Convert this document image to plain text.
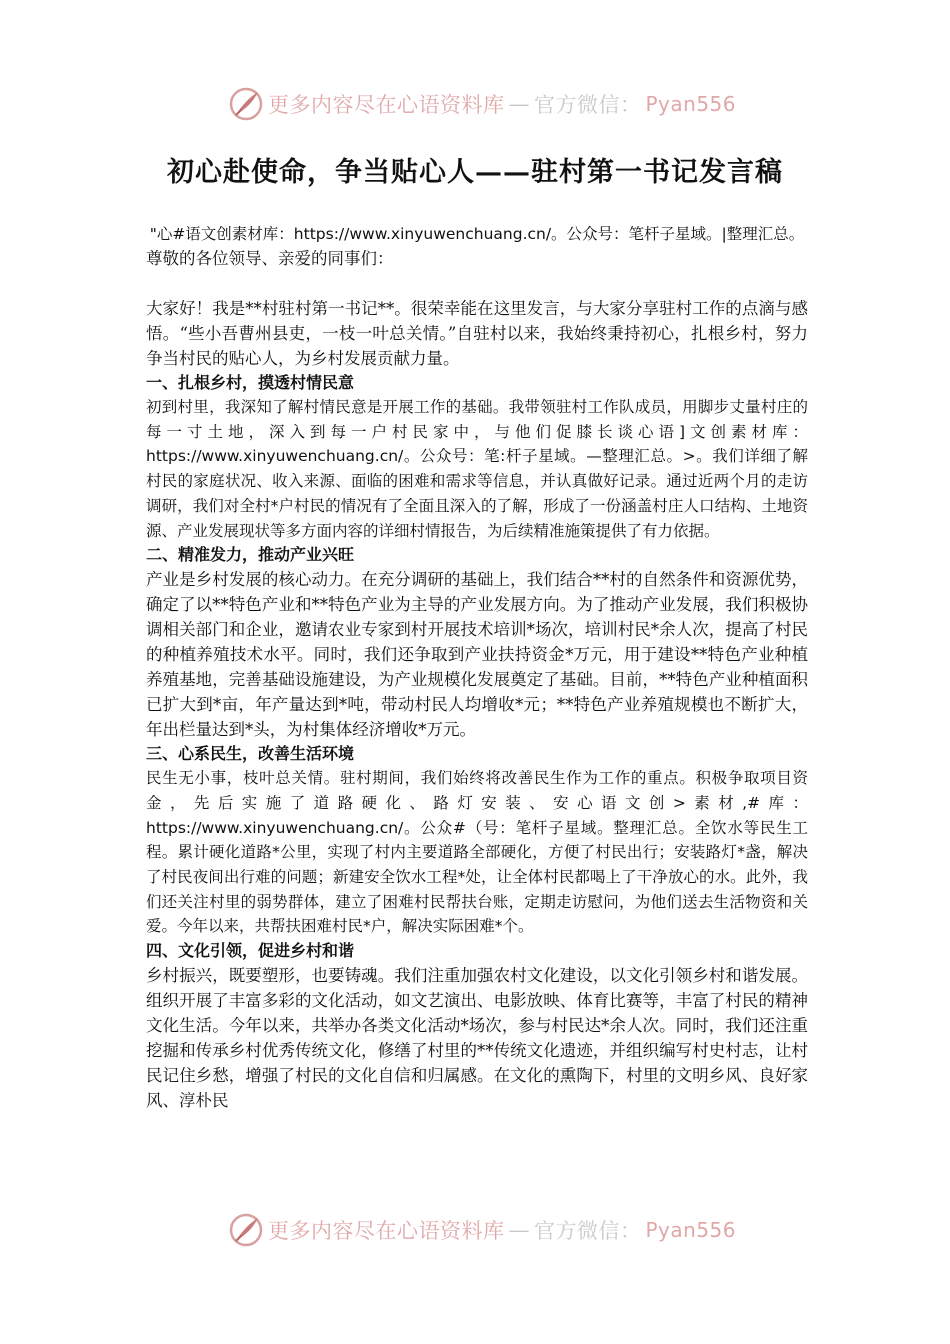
更多内容尽在心语资料库 — 官方微信： Pyan556
初心赴使命，争当贴心人——驻村第一书记发言稿

"心#语文创素材库：https://www.xinyuwenchuang.cn/。公众号：笔杆子星域。|整理汇总。

尊敬的各位领导、亲爱的同事们：

大家好！我是**村驻村第一书记**。很荣幸能在这里发言，与大家分享驻村工作的点滴与感悟。“些小吾曹州县吏，一枝一叶总关情。”自驻村以来，我始终秉持初心，扎根乡村，努力争当村民的贴心人，为乡村发展贡献力量。

一、扎根乡村，摸透村情民意

初到村里，我深知了解村情民意是开展工作的基础。我带领驻村工作队成员，用脚步丈量村庄的每一寸土地，深入到每一户村民家中，与他们促膝长谈心语]文创素材库：https://www.xinyuwenchuang.cn/。公众号：笔:杆子星域。—整理汇总。>。我们详细了解村民的家庭状况、收入来源、面临的困难和需求等信息，并认真做好记录。通过近两个月的走访调研，我们对全村*户村民的情况有了全面且深入的了解，形成了一份涵盖村庄人口结构、土地资源、产业发展现状等多方面内容的详细村情报告，为后续精准施策提供了有力依据。

二、精准发力，推动产业兴旺

产业是乡村发展的核心动力。在充分调研的基础上，我们结合**村的自然条件和资源优势，确定了以**特色产业和**特色产业为主导的产业发展方向。为了推动产业发展，我们积极协调相关部门和企业，邀请农业专家到村开展技术培训*场次，培训村民*余人次，提高了村民的种植养殖技术水平。同时，我们还争取到产业扶持资金*万元，用于建设**特色产业种植养殖基地，完善基础设施建设，为产业规模化发展奠定了基础。目前，**特色产业种植面积已扩大到*亩，年产量达到*吨，带动村民人均增收*元；**特色产业养殖规模也不断扩大，年出栏量达到*头，为村集体经济增收*万元。

三、心系民生，改善生活环境

民生无小事，枝叶总关情。驻村期间，我们始终将改善民生作为工作的重点。积极争取项目资金，先后实施了道路硬化、路灯安装、安心语文创>素材,#库：https://www.xinyuwenchuang.cn/。公众#（号：笔杆子星域。整理汇总。全饮水等民生工程。累计硬化道路*公里，实现了村内主要道路全部硬化，方便了村民出行；安装路灯*盏，解决了村民夜间出行难的问题；新建安全饮水工程*处，让全体村民都喝上了干净放心的水。此外，我们还关注村里的弱势群体，建立了困难村民帮扶台账，定期走访慰问，为他们送去生活物资和关爱。今年以来，共帮扶困难村民*户，解决实际困难*个。

四、文化引领，促进乡村和谐

乡村振兴，既要塑形，也要铸魂。我们注重加强农村文化建设，以文化引领乡村和谐发展。组织开展了丰富多彩的文化活动，如文艺演出、电影放映、体育比赛等，丰富了村民的精神文化生活。今年以来，共举办各类文化活动*场次，参与村民达*余人次。同时，我们还注重挖掘和传承乡村优秀传统文化，修缮了村里的**传统文化遗迹，并组织编写村史村志，让村民记住乡愁，增强了村民的文化自信和归属感。在文化的熏陶下，村里的文明乡风、良好家风、淳朴民

更多内容尽在心语资料库 — 官方微信： Pyan556
